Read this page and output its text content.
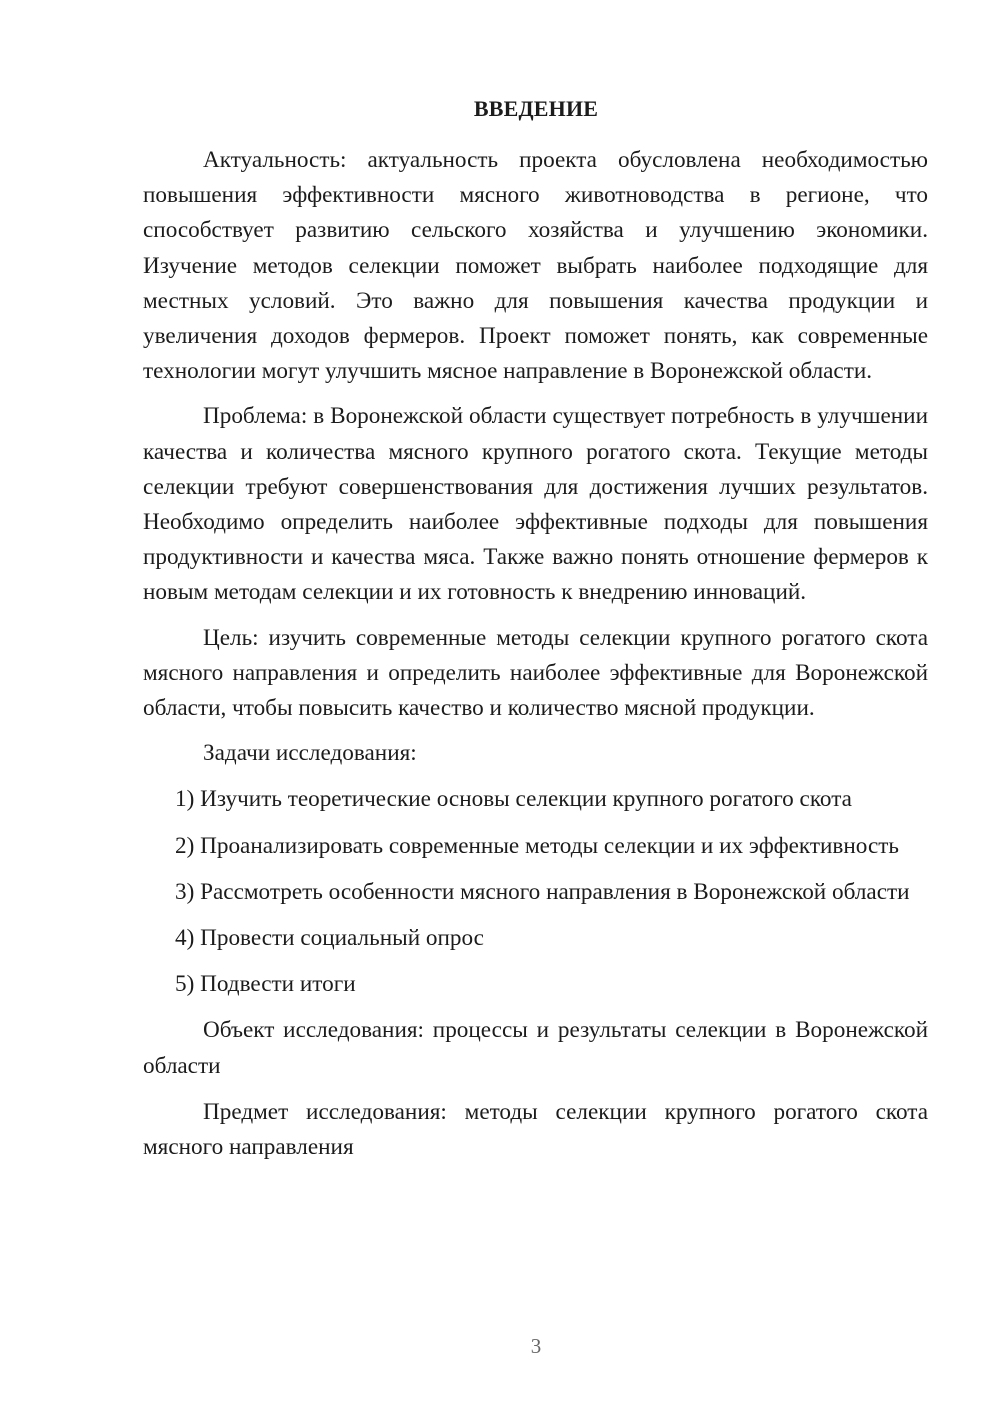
ВВЕДЕНИЕ

Актуальность: актуальность проекта обусловлена необходимостью повышения эффективности мясного животноводства в регионе, что способствует развитию сельского хозяйства и улучшению экономики. Изучение методов селекции поможет выбрать наиболее подходящие для местных условий. Это важно для повышения качества продукции и увеличения доходов фермеров. Проект поможет понять, как современные технологии могут улучшить мясное направление в Воронежской области.

Проблема: в Воронежской области существует потребность в улучшении качества и количества мясного крупного рогатого скота. Текущие методы селекции требуют совершенствования для достижения лучших результатов. Необходимо определить наиболее эффективные подходы для повышения продуктивности и качества мяса. Также важно понять отношение фермеров к новым методам селекции и их готовность к внедрению инноваций.

Цель: изучить современные методы селекции крупного рогатого скота мясного направления и определить наиболее эффективные для Воронежской области, чтобы повысить качество и количество мясной продукции.

Задачи исследования:

1) Изучить теоретические основы селекции крупного рогатого скота

2) Проанализировать современные методы селекции и их эффективность

3) Рассмотреть особенности мясного направления в Воронежской области

4) Провести социальный опрос

5) Подвести итоги

Объект исследования: процессы и результаты селекции в Воронежской области

Предмет исследования: методы селекции крупного рогатого скота мясного направления

3
